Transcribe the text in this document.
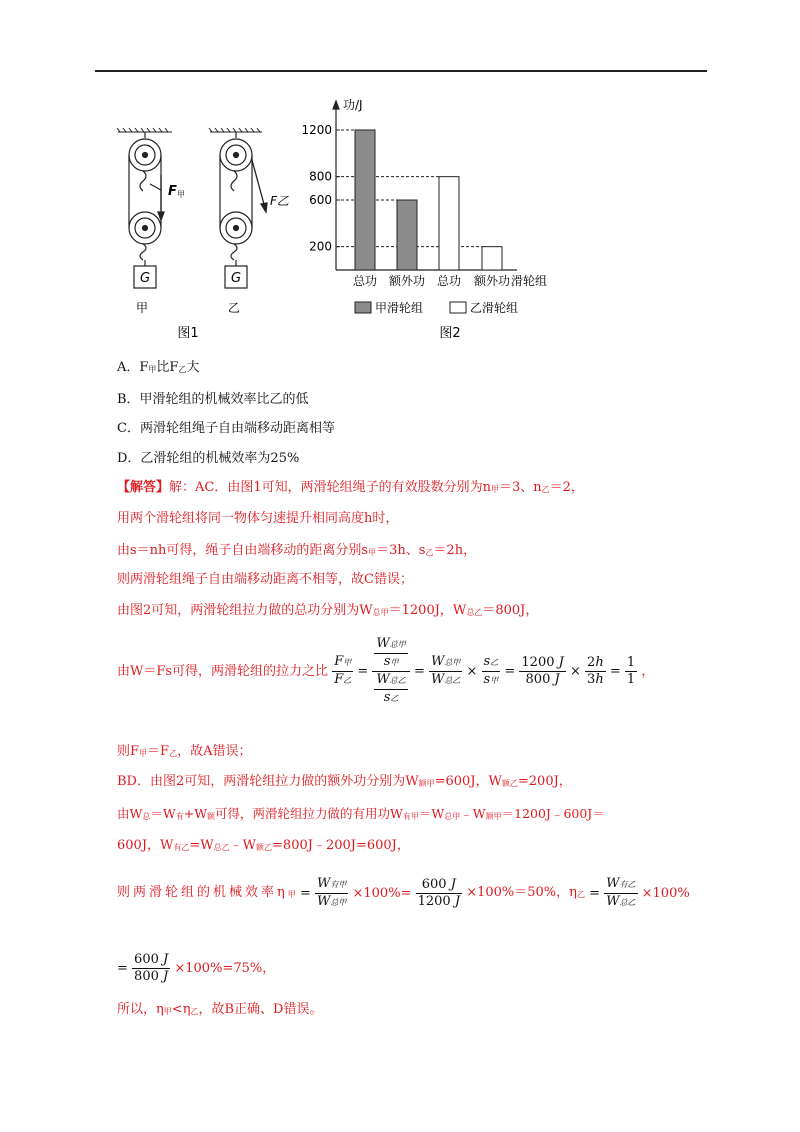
G
F 甲
甲
G
F乙
乙
图1
功/J
滑轮组
200
600
800
1200
总功 额外功 总功 额外功
甲滑轮组	乙滑轮组
图2
A．$F_甲$比$F_乙$大
B．甲滑轮组的机械效率比乙的低
C．两滑轮组绳子自由端移动距离相等
D．乙滑轮组的机械效率为25%
【解答】解：AC．由图1可知，两滑轮组绳子的有效股数分别为$n_甲=3$、$n_乙=2$，
用两个滑轮组将同一物体匀速提升相同高度h时，
由s＝nh可得，绳子自由端移动的距离分别$s_甲=3h$、$s_乙=2h$，
则两滑轮组绳子自由端移动距离不相等，故C错误；
由图2可知，两滑轮组拉力做的总功分别为$W_{总甲}=1200J$，$W_{总乙}=800J$，
由W＝Fs可得，两滑轮组的拉力之比 $\frac{\text{F甲}}{\text{F乙}} = \frac{\frac{\text{W总甲}}{\text{s甲}}}{\frac{\text{W总乙}}{\text{s乙}}} = \frac{\text{W总甲}}{\text{W总乙}} \times \frac{\text{s乙}}{\text{s甲}} = \frac{1200 J}{800 J} \times \frac{2h}{3h} = \frac{1}{1}$ ，
则$F_甲=F_乙$，故A错误；
BD．由图2可知，两滑轮组拉力做的额外功分别为$W_{额甲}=600J$，$W_{额乙}=200J$，
由$W_总=W_有+W_额$可得，两滑轮组拉力做的有用功$W_{有甲}=W_{总甲}﹣W_{额甲}=1200J﹣600J=$
600J，$W_{有乙}=W_{总乙}﹣W_{额乙}=800J﹣200J=600J$，
则两滑轮组的机械效率$\eta_甲 = \frac{\text{W有甲}}{\text{W总甲}} \times 100\%= \frac{600 J}{1200 J} \times 100\%=50\%$，$\eta_乙 = \frac{\text{W有乙}}{\text{W总乙}} \times 100\%$
= $\frac{600 J}{800 J} \times 100\%=75\%$，
所以，$\eta_甲<\eta_乙$，故B正确、D错误。
